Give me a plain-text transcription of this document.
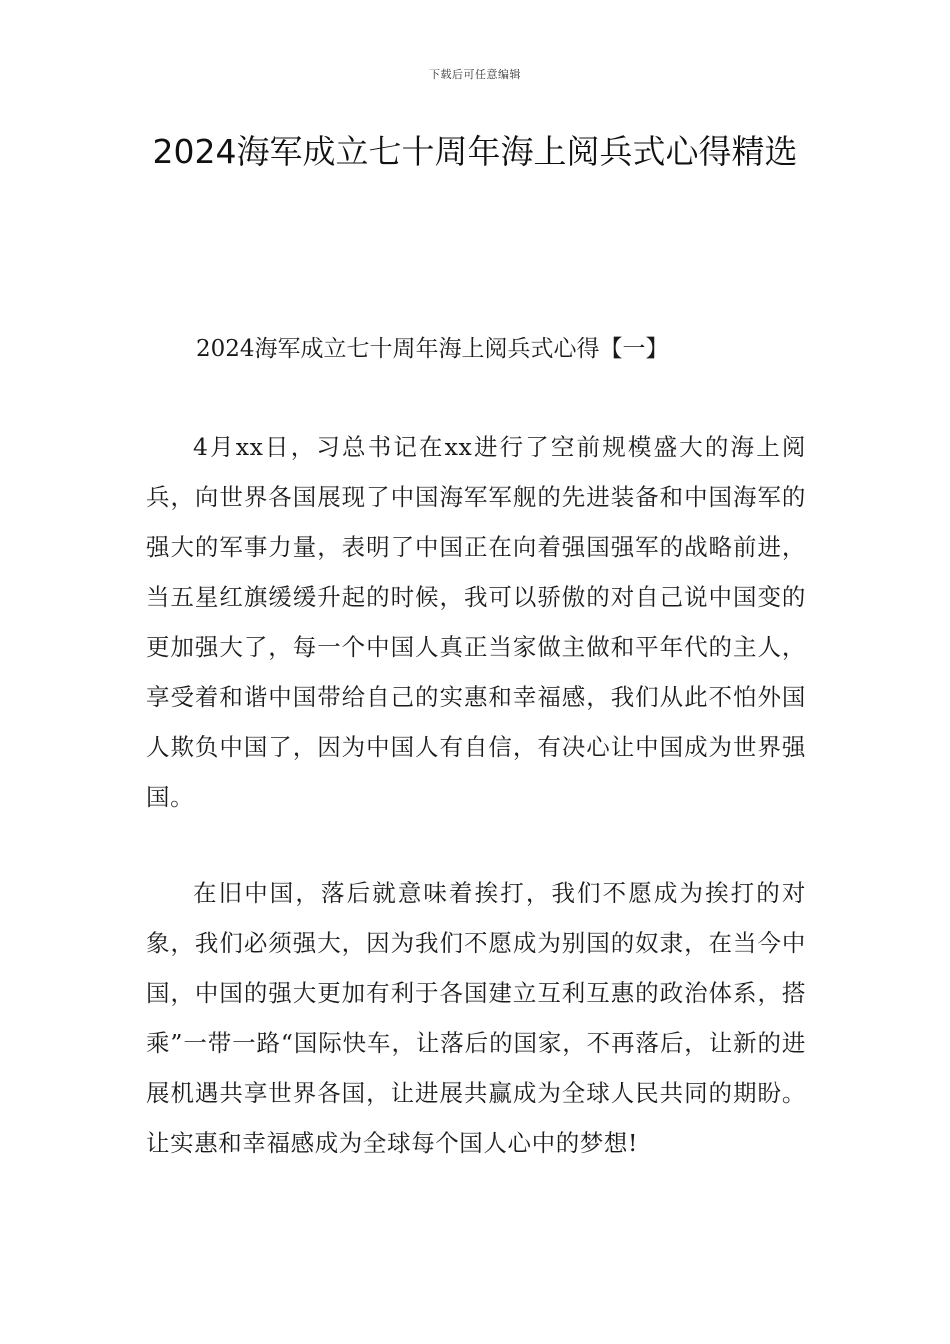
下载后可任意编辑
2024海军成立七十周年海上阅兵式心得精选
2024海军成立七十周年海上阅兵式心得【一】

4月xx日，习总书记在xx进行了空前规模盛大的海上阅兵，向世界各国展现了中国海军军舰的先进装备和中国海军的强大的军事力量，表明了中国正在向着强国强军的战略前进，当五星红旗缓缓升起的时候，我可以骄傲的对自己说中国变的更加强大了，每一个中国人真正当家做主做和平年代的主人，享受着和谐中国带给自己的实惠和幸福感，我们从此不怕外国人欺负中国了，因为中国人有自信，有决心让中国成为世界强国。

在旧中国，落后就意味着挨打，我们不愿成为挨打的对象，我们必须强大，因为我们不愿成为别国的奴隶，在当今中国，中国的强大更加有利于各国建立互利互惠的政治体系，搭乘”一带一路“国际快车，让落后的国家，不再落后，让新的进展机遇共享世界各国，让进展共赢成为全球人民共同的期盼。让实惠和幸福感成为全球每个国人心中的梦想!
